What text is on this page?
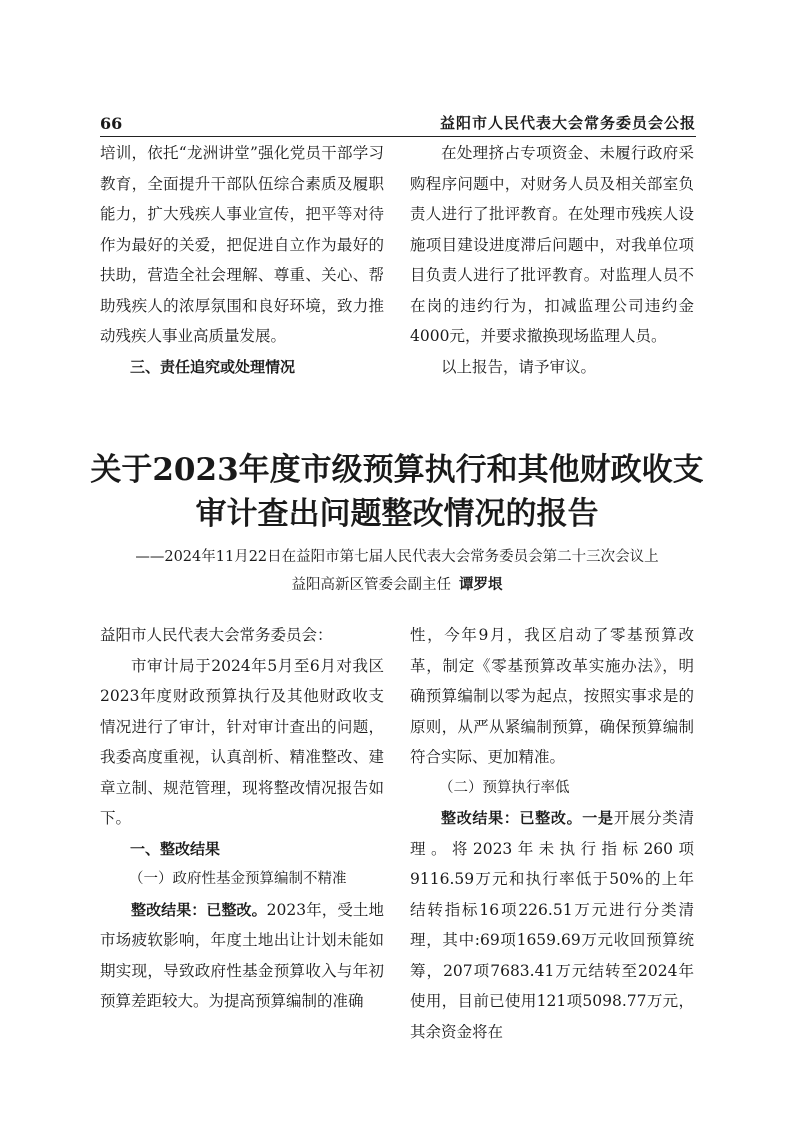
66	益阳市人民代表大会常务委员会公报

培训，依托“龙洲讲堂”强化党员干部学习教育，全面提升干部队伍综合素质及履职能力，扩大残疾人事业宣传，把平等对待作为最好的关爱，把促进自立作为最好的扶助，营造全社会理解、尊重、关心、帮助残疾人的浓厚氛围和良好环境，致力推动残疾人事业高质量发展。

三、责任追究或处理情况

在处理挤占专项资金、未履行政府采购程序问题中，对财务人员及相关部室负责人进行了批评教育。在处理市残疾人设施项目建设进度滞后问题中，对我单位项目负责人进行了批评教育。对监理人员不在岗的违约行为，扣减监理公司违约金4000元，并要求撤换现场监理人员。

以上报告，请予审议。

关于2023年度市级预算执行和其他财政收支

审计查出问题整改情况的报告

——2024年11月22日在益阳市第七届人民代表大会常务委员会第二十三次会议上
益阳高新区管委会副主任 谭罗垠

益阳市人民代表大会常务委员会：

市审计局于2024年5月至6月对我区2023年度财政预算执行及其他财政收支情况进行了审计，针对审计查出的问题，我委高度重视，认真剖析、精准整改、建章立制、规范管理，现将整改情况报告如下。

一、整改结果

（一）政府性基金预算编制不精准

整改结果：已整改。2023年，受土地市场疲软影响，年度土地出让计划未能如期实现，导致政府性基金预算收入与年初预算差距较大。为提高预算编制的准确

性，今年9月，我区启动了零基预算改革，制定《零基预算改革实施办法》，明确预算编制以零为起点，按照实事求是的原则，从严从紧编制预算，确保预算编制符合实际、更加精准。

（二）预算执行率低

整改结果：已整改。一是开展分类清理。将2023年未执行指标260项9116.59万元和执行率低于50%的上年结转指标16项226.51万元进行分类清理，其中:69项1659.69万元收回预算统筹，207项7683.41万元结转至2024年使用，目前已使用121项5098.77万元，其余资金将在
